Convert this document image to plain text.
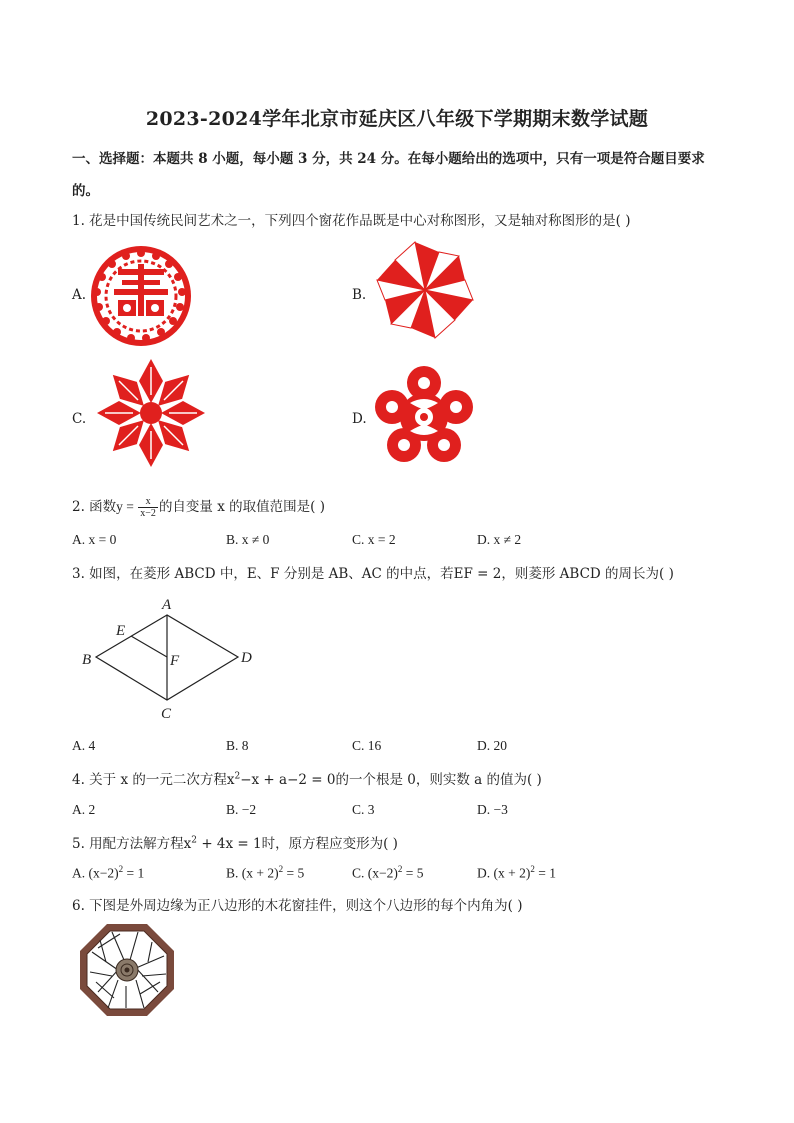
2023-2024学年北京市延庆区八年级下学期期末数学试题
一、选择题：本题共 8 小题，每小题 3 分，共 24 分。在每小题给出的选项中，只有一项是符合题目要求
的。
1. 花是中国传统民间艺术之一，下列四个窗花作品既是中心对称图形，又是轴对称图形的是( )
A.	B.
C.	D.
2. 函数$y = \frac{x}{x-2}$ 的自变量 x 的取值范围是( )
A. x = 0	B. x ≠ 0	C. x = 2	D. x ≠ 2
3. 如图，在菱形 ABCD 中，E、F 分别是 AB、AC 的中点，若EF = 2，则菱形 ABCD 的周长为( )
A
B
C
D
E
F
A. 4	B. 8	C. 16	D. 20
4. 关于 x 的一元二次方程$x^2-x + a-2 = 0$的一个根是 0，则实数 a 的值为( )
A. 2	B. −2	C. 3	D. −3
5. 用配方法解方程$x^2 + 4x = 1$时，原方程应变形为( )
A. $(x-2)^2 = 1$	B. $(x + 2)^2 = 5$	C. $(x-2)^2 = 5$	D. $(x + 2)^2 = 1$
6. 下图是外周边缘为正八边形的木花窗挂件，则这个八边形的每个内角为( )
